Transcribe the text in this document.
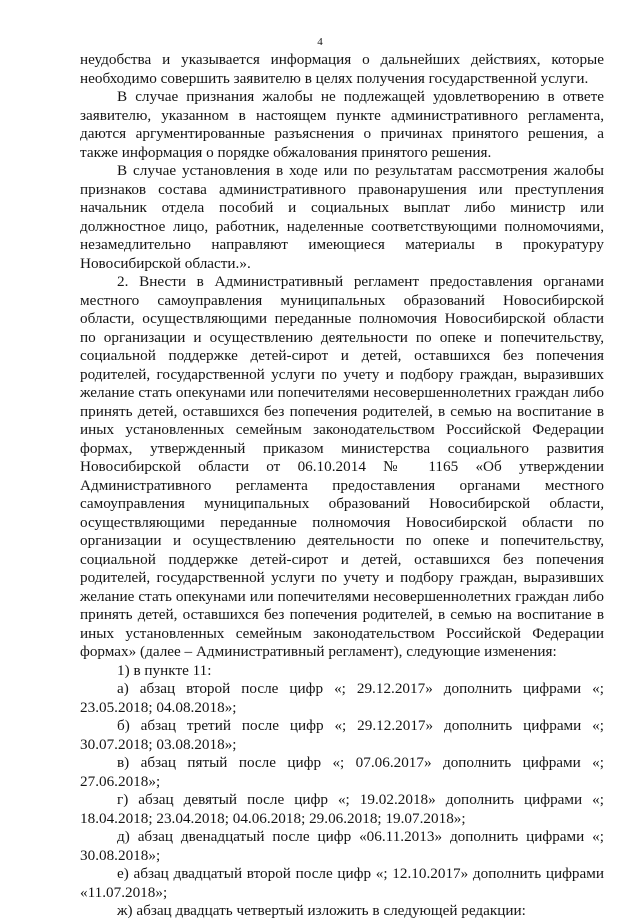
4

неудобства и указывается информация о дальнейших действиях, которые необходимо совершить заявителю в целях получения государственной услуги.

В случае признания жалобы не подлежащей удовлетворению в ответе заявителю, указанном в настоящем пункте административного регламента, даются аргументированные разъяснения о причинах принятого решения, а также информация о порядке обжалования принятого решения.

В случае установления в ходе или по результатам рассмотрения жалобы признаков состава административного правонарушения или преступления начальник отдела пособий и социальных выплат либо министр или должностное лицо, работник, наделенные соответствующими полномочиями, незамедлительно направляют имеющиеся материалы в прокуратуру Новосибирской области.».

2. Внести в Административный регламент предоставления органами местного самоуправления муниципальных образований Новосибирской области, осуществляющими переданные полномочия Новосибирской области по организации и осуществлению деятельности по опеке и попечительству, социальной поддержке детей-сирот и детей, оставшихся без попечения родителей, государственной услуги по учету и подбору граждан, выразивших желание стать опекунами или попечителями несовершеннолетних граждан либо принять детей, оставшихся без попечения родителей, в семью на воспитание в иных установленных семейным законодательством Российской Федерации формах, утвержденный приказом министерства социального развития Новосибирской области от 06.10.2014 № 1165 «Об утверждении Административного регламента предоставления органами местного самоуправления муниципальных образований Новосибирской области, осуществляющими переданные полномочия Новосибирской области по организации и осуществлению деятельности по опеке и попечительству, социальной поддержке детей-сирот и детей, оставшихся без попечения родителей, государственной услуги по учету и подбору граждан, выразивших желание стать опекунами или попечителями несовершеннолетних граждан либо принять детей, оставшихся без попечения родителей, в семью на воспитание в иных установленных семейным законодательством Российской Федерации формах» (далее – Административный регламент), следующие изменения:

1) в пункте 11:

а) абзац второй после цифр «; 29.12.2017» дополнить цифрами «; 23.05.2018; 04.08.2018»;

б) абзац третий после цифр «; 29.12.2017» дополнить цифрами «; 30.07.2018; 03.08.2018»;

в) абзац пятый после цифр «; 07.06.2017» дополнить цифрами «; 27.06.2018»;

г) абзац девятый после цифр «; 19.02.2018» дополнить цифрами «; 18.04.2018; 23.04.2018; 04.06.2018; 29.06.2018; 19.07.2018»;

д) абзац двенадцатый после цифр «06.11.2013» дополнить цифрами «; 30.08.2018»;

е) абзац двадцатый второй после цифр «; 12.10.2017» дополнить цифрами «11.07.2018»;

ж) абзац двадцать четвертый изложить в следующей редакции:
